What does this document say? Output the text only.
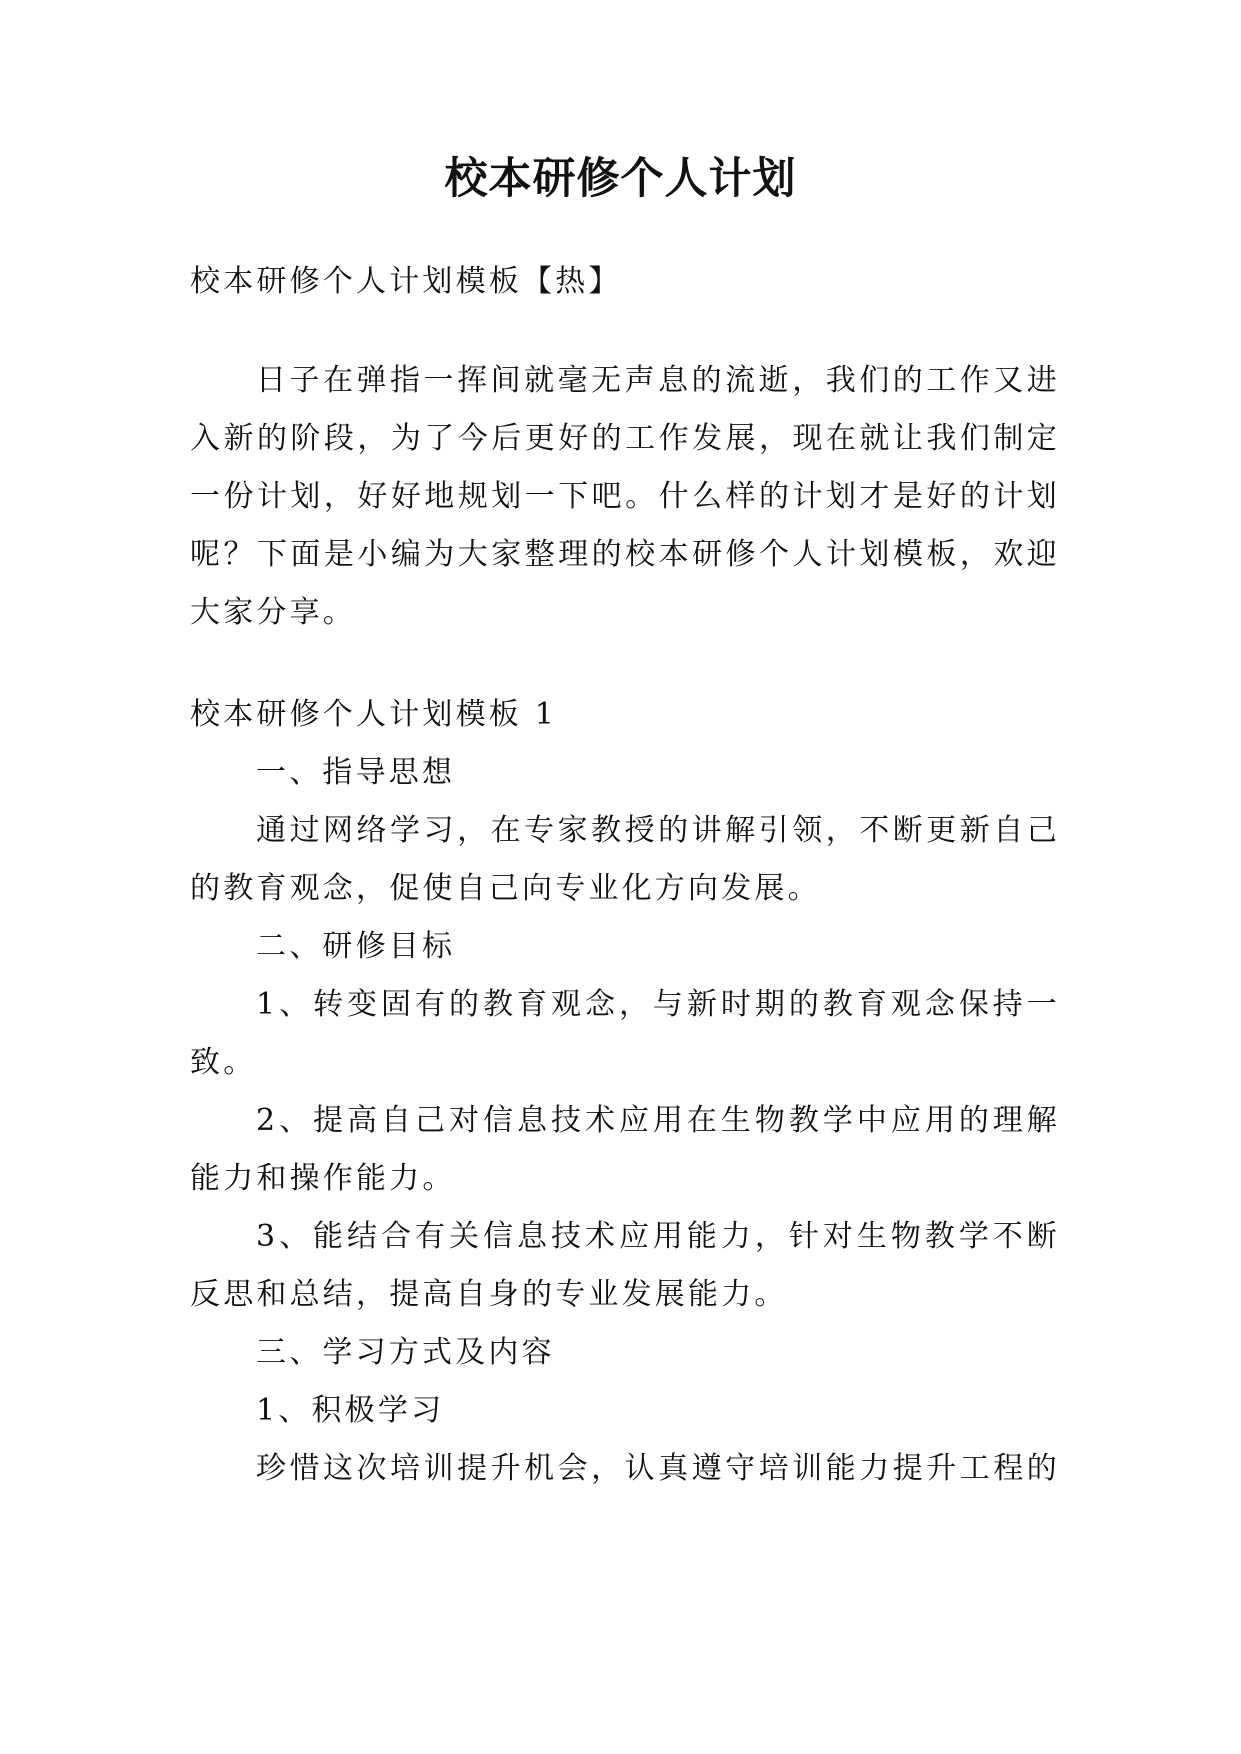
校本研修个人计划
校本研修个人计划模板【热】
日子在弹指一挥间就毫无声息的流逝，我们的工作又进
入新的阶段，为了今后更好的工作发展，现在就让我们制定
一份计划，好好地规划一下吧。什么样的计划才是好的计划
呢？下面是小编为大家整理的校本研修个人计划模板，欢迎
大家分享。
校本研修个人计划模板 1
一、指导思想
通过网络学习，在专家教授的讲解引领，不断更新自己
的教育观念，促使自己向专业化方向发展。
二、研修目标
1、转变固有的教育观念，与新时期的教育观念保持一
致。
2、提高自己对信息技术应用在生物教学中应用的理解
能力和操作能力。
3、能结合有关信息技术应用能力，针对生物教学不断
反思和总结，提高自身的专业发展能力。
三、学习方式及内容
1、积极学习
珍惜这次培训提升机会，认真遵守培训能力提升工程的
